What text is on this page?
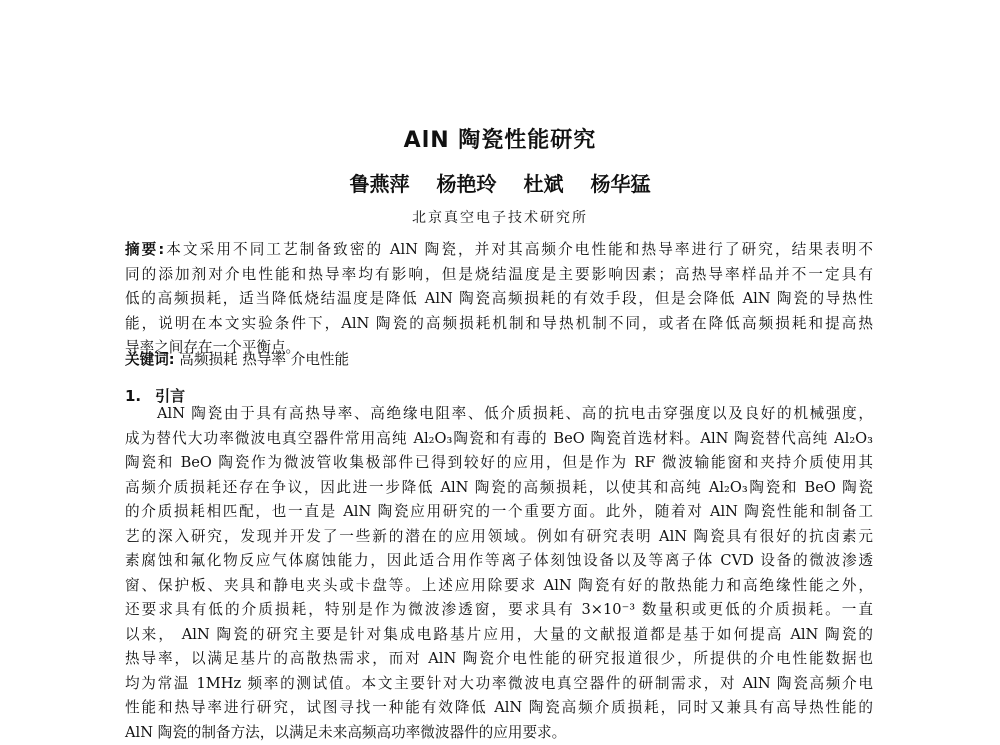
AlN 陶瓷性能研究
鲁燕萍 杨艳玲 杜斌 杨华猛
北京真空电子技术研究所
摘要:本文采用不同工艺制备致密的 AlN 陶瓷，并对其高频介电性能和热导率进行了研究，结果表明不
同的添加剂对介电性能和热导率均有影响，但是烧结温度是主要影响因素；高热导率样品并不一定具有
低的高频损耗，适当降低烧结温度是降低 AlN 陶瓷高频损耗的有效手段，但是会降低 AlN 陶瓷的导热性
能，说明在本文实验条件下，AlN 陶瓷的高频损耗机制和导热机制不同，或者在降低高频损耗和提高热
导率之间存在一个平衡点。
关键词: 高频损耗 热导率 介电性能
1. 引言
AlN 陶瓷由于具有高热导率、高绝缘电阻率、低介质损耗、高的抗电击穿强度以及良好的机械强度，
成为替代大功率微波电真空器件常用高纯 Al₂O₃陶瓷和有毒的 BeO 陶瓷首选材料。AlN 陶瓷替代高纯 Al₂O₃
陶瓷和 BeO 陶瓷作为微波管收集极部件已得到较好的应用，但是作为 RF 微波输能窗和夹持介质使用其
高频介质损耗还存在争议，因此进一步降低 AlN 陶瓷的高频损耗，以使其和高纯 Al₂O₃陶瓷和 BeO 陶瓷
的介质损耗相匹配，也一直是 AlN 陶瓷应用研究的一个重要方面。此外，随着对 AlN 陶瓷性能和制备工
艺的深入研究，发现并开发了一些新的潜在的应用领域。例如有研究表明 AlN 陶瓷具有很好的抗卤素元
素腐蚀和氟化物反应气体腐蚀能力，因此适合用作等离子体刻蚀设备以及等离子体 CVD 设备的微波渗透
窗、保护板、夹具和静电夹头或卡盘等。上述应用除要求 AlN 陶瓷有好的散热能力和高绝缘性能之外，
还要求具有低的介质损耗，特别是作为微波渗透窗，要求具有 3×10⁻³ 数量积或更低的介质损耗。一直
以来， AlN 陶瓷的研究主要是针对集成电路基片应用，大量的文献报道都是基于如何提高 AlN 陶瓷的
热导率，以满足基片的高散热需求，而对 AlN 陶瓷介电性能的研究报道很少，所提供的介电性能数据也
均为常温 1MHz 频率的测试值。本文主要针对大功率微波电真空器件的研制需求，对 AlN 陶瓷高频介电
性能和热导率进行研究，试图寻找一种能有效降低 AlN 陶瓷高频介质损耗，同时又兼具有高导热性能的
AlN 陶瓷的制备方法，以满足未来高频高功率微波器件的应用要求。
